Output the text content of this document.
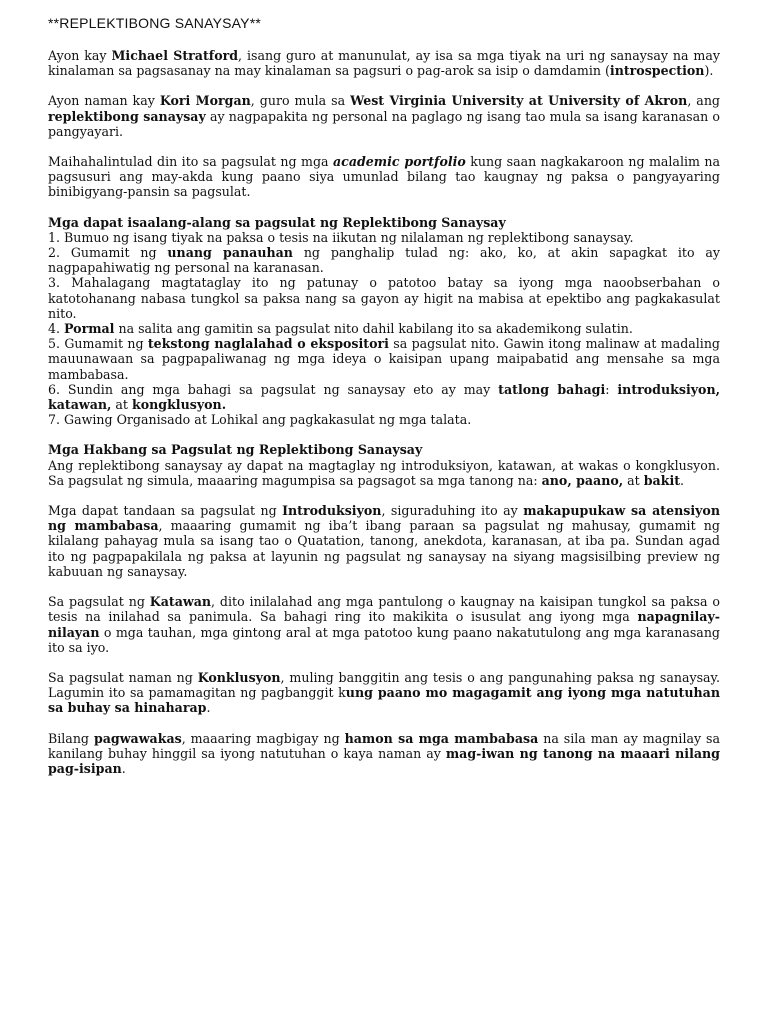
**REPLEKTIBONG SANAYSAY**

Ayon kay Michael Stratford, isang guro at manunulat, ay isa sa mga tiyak na uri ng sanaysay na may kinalaman sa pagsasanay na may kinalaman sa pagsuri o pag-arok sa isip o damdamin (introspection).

Ayon naman kay Kori Morgan, guro mula sa West Virginia University at University of Akron, ang replektibong sanaysay ay nagpapakita ng personal na paglago ng isang tao mula sa isang karanasan o pangyayari.

Maihahalintulad din ito sa pagsulat ng mga academic portfolio kung saan nagkakaroon ng malalim na pagsusuri ang may-akda kung paano siya umunlad bilang tao kaugnay ng paksa o pangyayaring binibigyang-pansin sa pagsulat.

Mga dapat isaalang-alang sa pagsulat ng Replektibong Sanaysay
1. Bumuo ng isang tiyak na paksa o tesis na iikutan ng nilalaman ng replektibong sanaysay.
2. Gumamit ng unang panauhan ng panghalip tulad ng: ako, ko, at akin sapagkat ito ay nagpapahiwatig ng personal na karanasan.
3. Mahalagang magtataglay ito ng patunay o patotoo batay sa iyong mga naoobserbahan o katotohanang nabasa tungkol sa paksa nang sa gayon ay higit na mabisa at epektibo ang pagkakasulat nito.
4. Pormal na salita ang gamitin sa pagsulat nito dahil kabilang ito sa akademikong sulatin.
5. Gumamit ng tekstong naglalahad o ekspositori sa pagsulat nito. Gawin itong malinaw at madaling mauunawaan sa pagpapaliwanag ng mga ideya o kaisipan upang maipabatid ang mensahe sa mga mambabasa.
6. Sundin ang mga bahagi sa pagsulat ng sanaysay eto ay may tatlong bahagi: introduksiyon, katawan, at kongklusyon.
7. Gawing Organisado at Lohikal ang pagkakasulat ng mga talata.
Mga Hakbang sa Pagsulat ng Replektibong Sanaysay

Ang replektibong sanaysay ay dapat na magtaglay ng introduksiyon, katawan, at wakas o kongklusyon. Sa pagsulat ng simula, maaaring magumpisa sa pagsagot sa mga tanong na: ano, paano, at bakit.

Mga dapat tandaan sa pagsulat ng Introduksiyon, siguraduhing ito ay makapupukaw sa atensiyon ng mambabasa, maaaring gumamit ng iba’t ibang paraan sa pagsulat ng mahusay, gumamit ng kilalang pahayag mula sa isang tao o Quatation, tanong, anekdota, karanasan, at iba pa. Sundan agad ito ng pagpapakilala ng paksa at layunin ng pagsulat ng sanaysay na siyang magsisilbing preview ng kabuuan ng sanaysay.

Sa pagsulat ng Katawan, dito inilalahad ang mga pantulong o kaugnay na kaisipan tungkol sa paksa o tesis na inilahad sa panimula. Sa bahagi ring ito makikita o isusulat ang iyong mga napagnilay- nilayan o mga tauhan, mga gintong aral at mga patotoo kung paano nakatutulong ang mga karanasang ito sa iyo.

Sa pagsulat naman ng Konklusyon, muling banggitin ang tesis o ang pangunahing paksa ng sanaysay. Lagumin ito sa pamamagitan ng pagbanggit kung paano mo magagamit ang iyong mga natutuhan sa buhay sa hinaharap.

Bilang pagwawakas, maaaring magbigay ng hamon sa mga mambabasa na sila man ay magnilay sa kanilang buhay hinggil sa iyong natutuhan o kaya naman ay mag-iwan ng tanong na maaari nilang pag-isipan.
